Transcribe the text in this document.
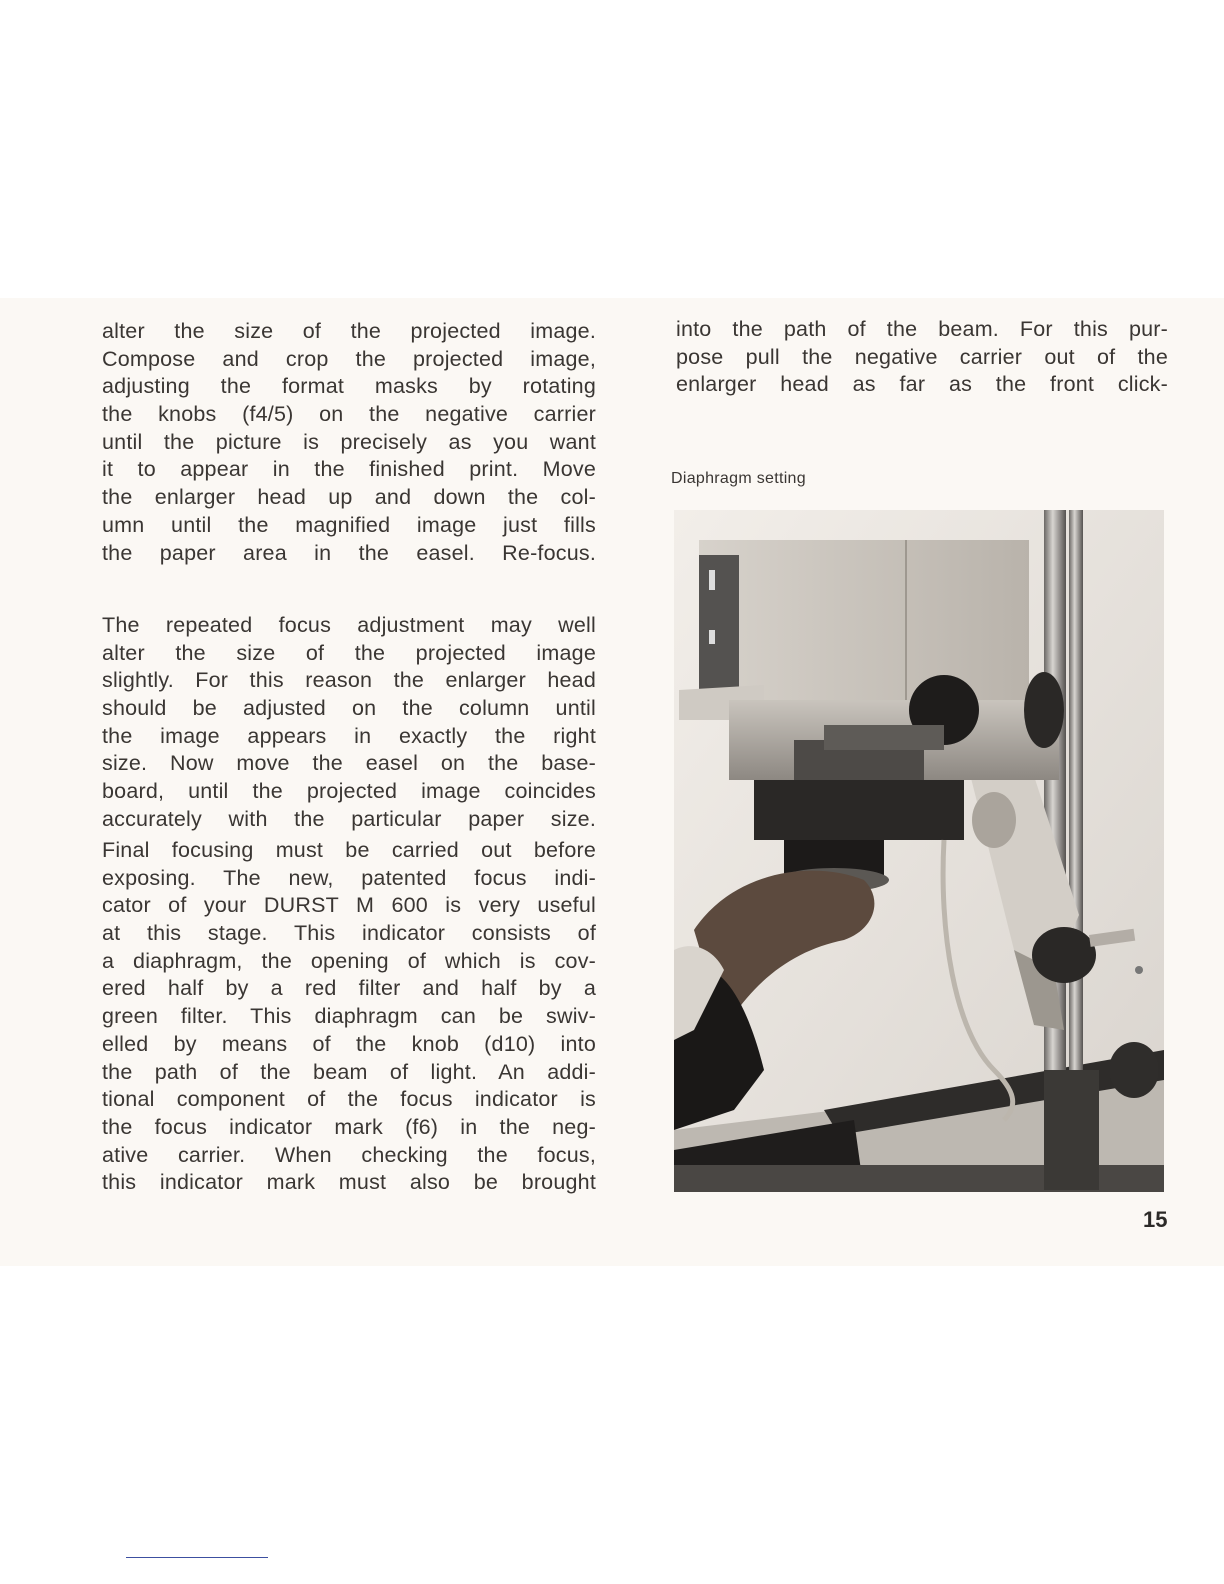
alter the size of the projected image.
Compose and crop the projected image,
adjusting the format masks by rotating
the knobs (f4/5) on the negative carrier
until the picture is precisely as you want
it to appear in the finished print. Move
the enlarger head up and down the col-
umn until the magnified image just fills
the paper area in the easel. Re-focus.
The repeated focus adjustment may well
alter the size of the projected image
slightly. For this reason the enlarger head
should be adjusted on the column until
the image appears in exactly the right
size. Now move the easel on the base-
board, until the projected image coincides
accurately with the particular paper size.
Final focusing must be carried out before
exposing. The new, patented focus indi-
cator of your DURST M 600 is very useful
at this stage. This indicator consists of
a diaphragm, the opening of which is cov-
ered half by a red filter and half by a
green filter. This diaphragm can be swiv-
elled by means of the knob (d10) into
the path of the beam of light. An addi-
tional component of the focus indicator is
the focus indicator mark (f6) in the neg-
ative carrier. When checking the focus,
this indicator mark must also be brought
into the path of the beam. For this pur-
pose pull the negative carrier out of the
enlarger head as far as the front click-
Diaphragm setting
15
